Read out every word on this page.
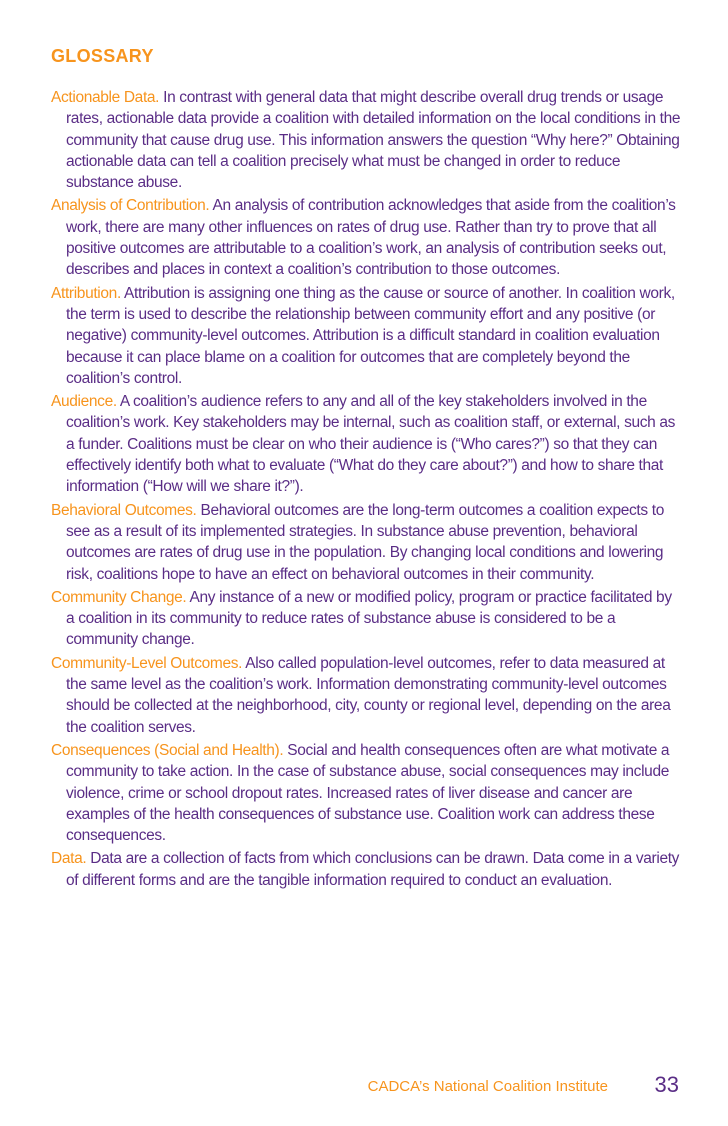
GLOSSARY

Actionable Data. In contrast with general data that might describe overall drug trends or usage rates, actionable data provide a coalition with detailed information on the local conditions in the community that cause drug use. This information answers the question “Why here?” Obtaining actionable data can tell a coalition precisely what must be changed in order to reduce substance abuse.

Analysis of Contribution. An analysis of contribution acknowledges that aside from the coalition’s work, there are many other influences on rates of drug use. Rather than try to prove that all positive outcomes are attributable to a coalition’s work, an analysis of contribution seeks out, describes and places in context a coalition’s contribution to those outcomes.

Attribution. Attribution is assigning one thing as the cause or source of another. In coalition work, the term is used to describe the relationship between community effort and any positive (or negative) community-level outcomes. Attribution is a difficult standard in coalition evaluation because it can place blame on a coalition for outcomes that are completely beyond the coalition’s control.

Audience. A coalition’s audience refers to any and all of the key stakeholders involved in the coalition’s work. Key stakeholders may be internal, such as coalition staff, or external, such as a funder. Coalitions must be clear on who their audience is (“Who cares?”) so that they can effectively identify both what to evaluate (“What do they care about?”) and how to share that information (“How will we share it?”).

Behavioral Outcomes. Behavioral outcomes are the long-term outcomes a coalition expects to see as a result of its implemented strategies. In substance abuse prevention, behavioral outcomes are rates of drug use in the population. By changing local conditions and lowering risk, coalitions hope to have an effect on behavioral outcomes in their community.

Community Change. Any instance of a new or modified policy, program or practice facilitated by a coalition in its community to reduce rates of substance abuse is considered to be a community change.

Community-Level Outcomes. Also called population-level outcomes, refer to data measured at the same level as the coalition’s work. Information demonstrating community-level outcomes should be collected at the neighborhood, city, county or regional level, depending on the area the coalition serves.

Consequences (Social and Health). Social and health consequences often are what motivate a community to take action. In the case of substance abuse, social consequences may include violence, crime or school dropout rates. Increased rates of liver disease and cancer are examples of the health consequences of substance use. Coalition work can address these consequences.

Data. Data are a collection of facts from which conclusions can be drawn. Data come in a variety of different forms and are the tangible information required to conduct an evaluation.

CADCA’s National Coalition Institute 33
